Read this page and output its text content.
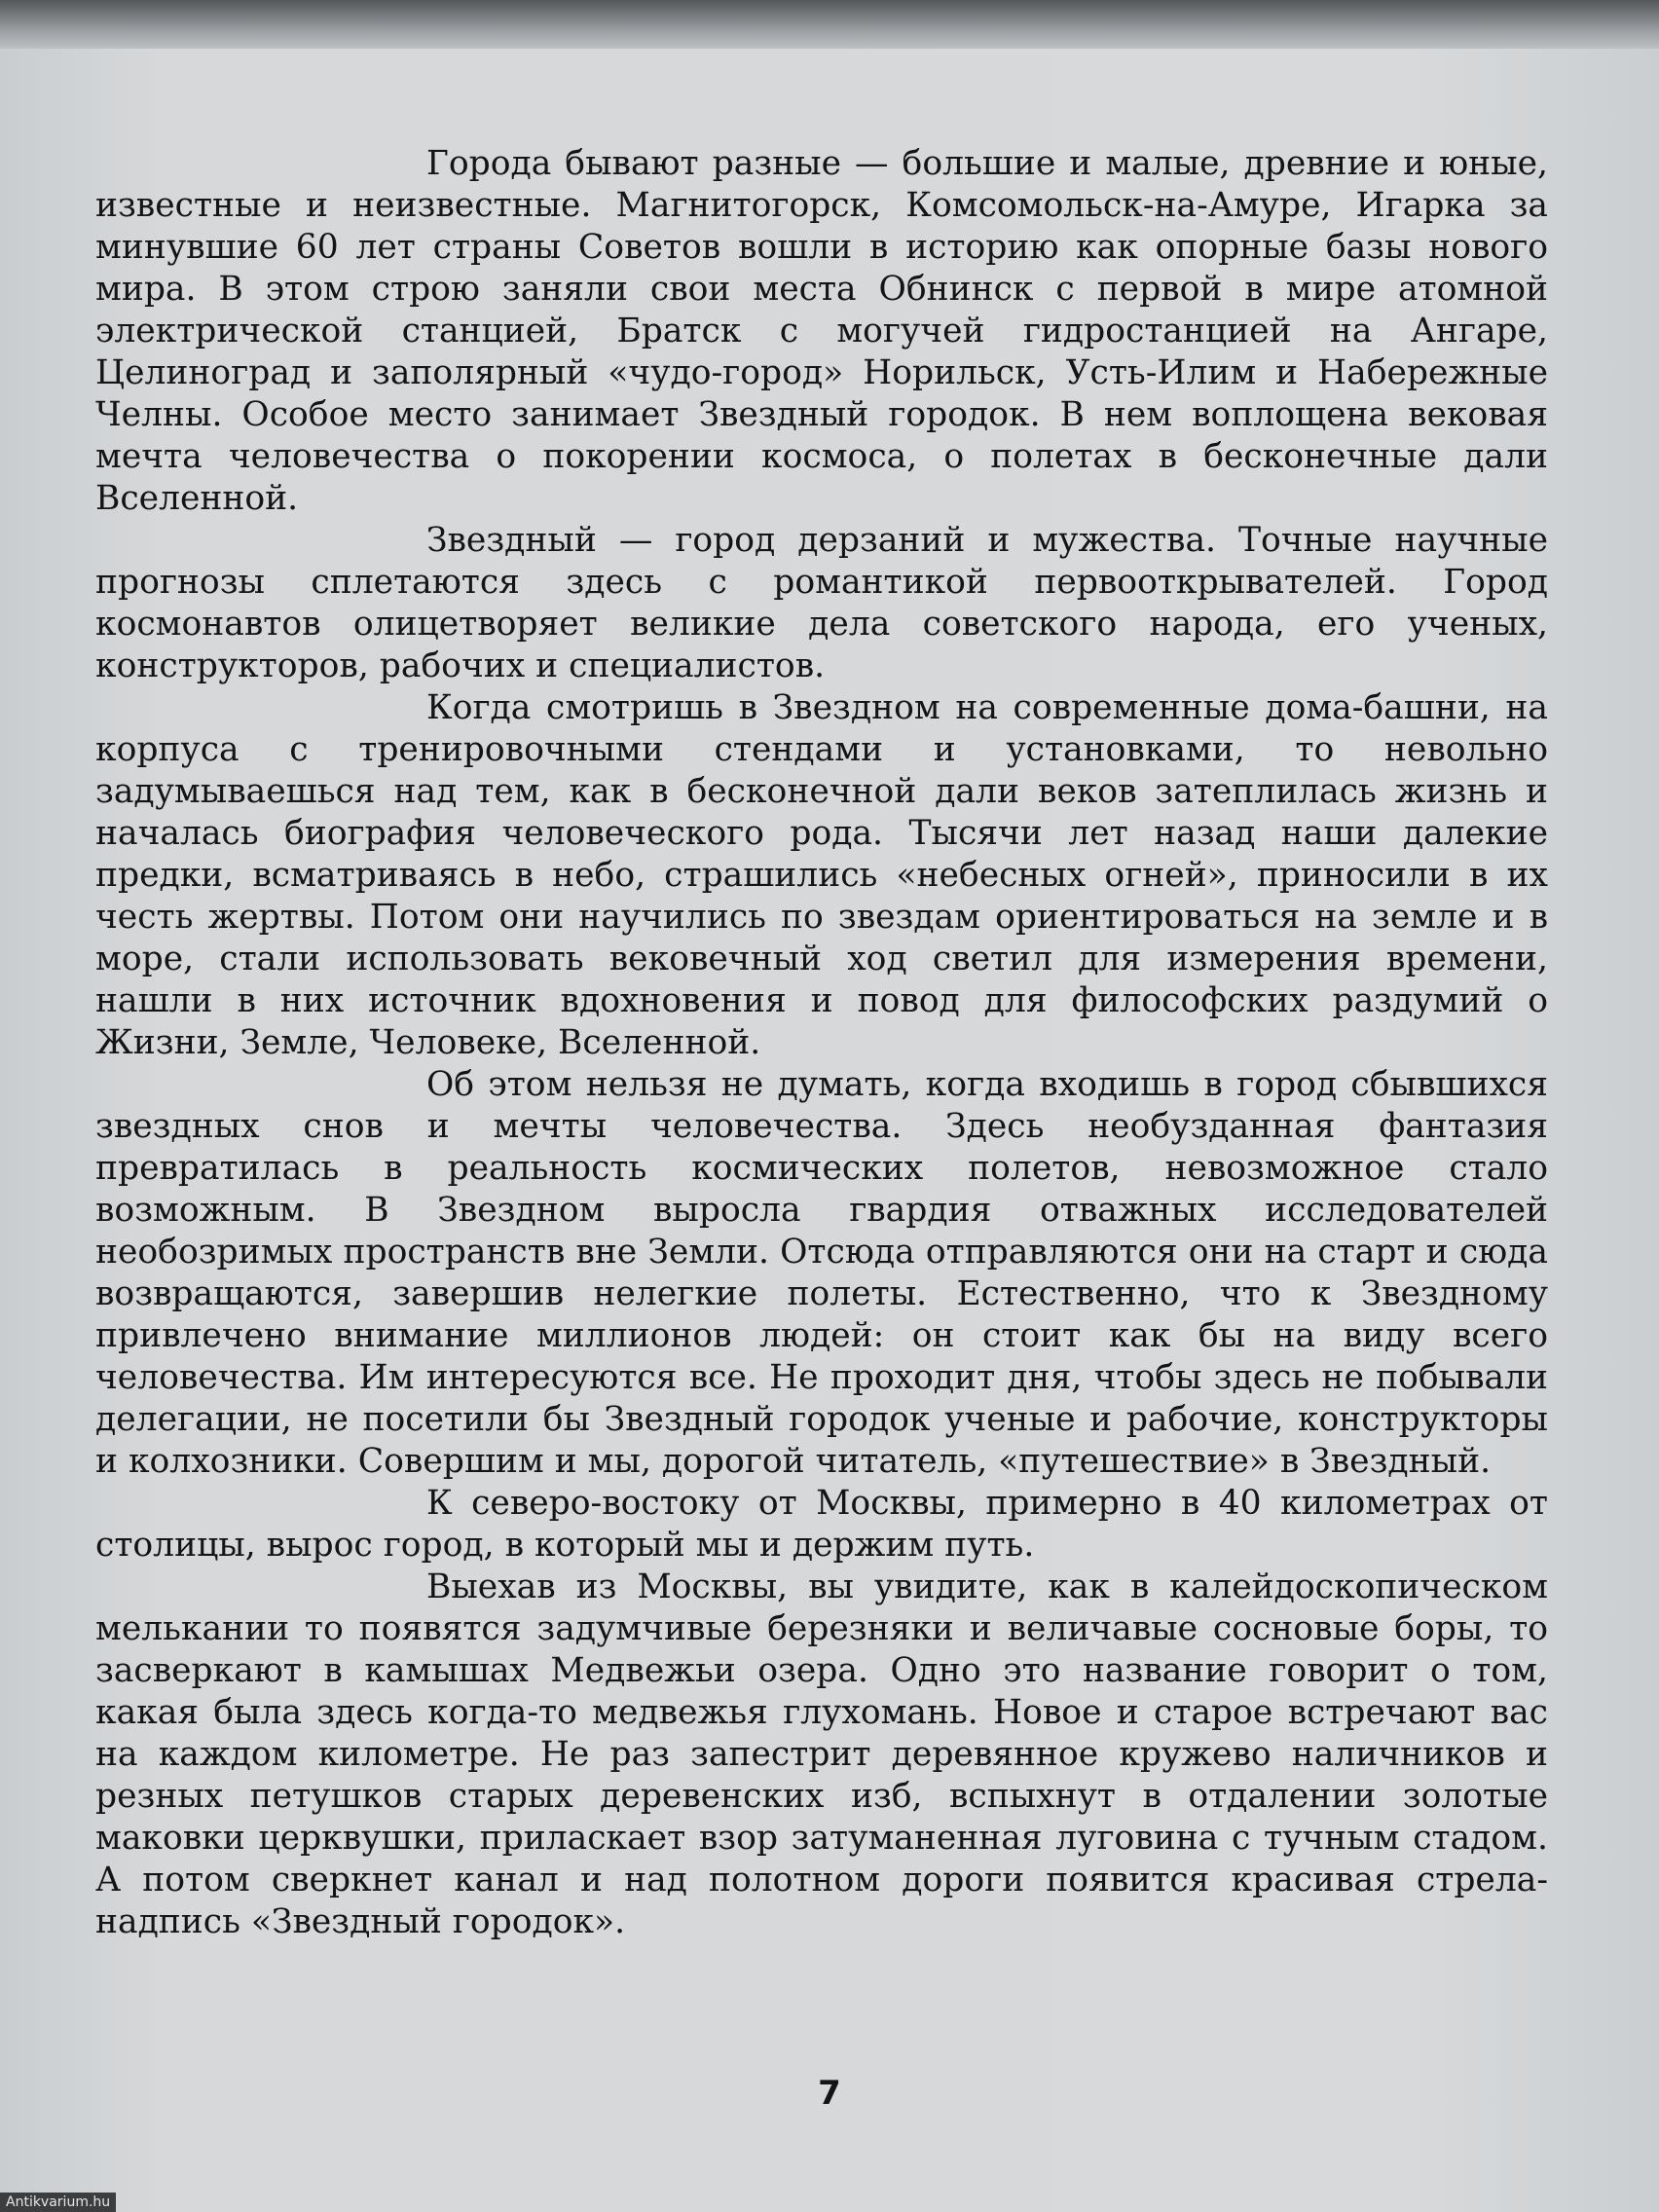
Города бывают разные — большие и малые, древние и юные, известные и неизвестные. Магнитогорск, Комсомольск-на-Амуре, Игарка за минувшие 60 лет страны Советов вошли в историю как опорные базы нового мира. В этом строю заняли свои места Обнинск с первой в мире атомной электрической станцией, Братск с могучей гидростанцией на Ангаре, Целиноград и заполярный «чудо-город» Норильск, Усть-Илим и Набережные Челны. Особое место занимает Звездный городок. В нем воплощена вековая мечта человечества о покорении космоса, о полетах в бесконечные дали Вселенной.

Звездный — город дерзаний и мужества. Точные научные прогнозы сплетаются здесь с романтикой первооткрывателей. Город космонавтов олицетворяет великие дела советского народа, его ученых, конструкторов, рабочих и специалистов.

Когда смотришь в Звездном на современные дома-башни, на корпуса с тренировочными стендами и установками, то невольно задумываешься над тем, как в бесконечной дали веков затеплилась жизнь и началась биография человеческого рода. Тысячи лет назад наши далекие предки, всматриваясь в небо, страшились «небесных огней», приносили в их честь жертвы. Потом они научились по звездам ориентироваться на земле и в море, стали использовать вековечный ход светил для измерения времени, нашли в них источник вдохновения и повод для философских раздумий о Жизни, Земле, Человеке, Вселенной.

Об этом нельзя не думать, когда входишь в город сбывшихся звездных снов и мечты человечества. Здесь необузданная фантазия превратилась в реальность космических полетов, невозможное стало возможным. В Звездном выросла гвардия отважных исследователей необозримых пространств вне Земли. Отсюда отправляются они на старт и сюда возвращаются, завершив нелегкие полеты. Естественно, что к Звездному привлечено внимание миллионов людей: он стоит как бы на виду всего человечества. Им интересуются все. Не проходит дня, чтобы здесь не побывали делегации, не посетили бы Звездный городок ученые и рабочие, конструкторы и колхозники. Совершим и мы, дорогой читатель, «путешествие» в Звездный.

К северо-востоку от Москвы, примерно в 40 километрах от столицы, вырос город, в который мы и держим путь.

Выехав из Москвы, вы увидите, как в калейдоскопическом мелькании то появятся задумчивые березняки и величавые сосновые боры, то засверкают в камышах Медвежьи озера. Одно это название говорит о том, какая была здесь когда-то медвежья глухомань. Новое и старое встречают вас на каждом километре. Не раз запестрит деревянное кружево наличников и резных петушков старых деревенских изб, вспыхнут в отдалении золотые маковки церквушки, приласкает взор затуманенная луговина с тучным стадом. А потом сверкнет канал и над полотном дороги появится красивая стрела-надпись «Звездный городок».

7
Antikvarium.hu
